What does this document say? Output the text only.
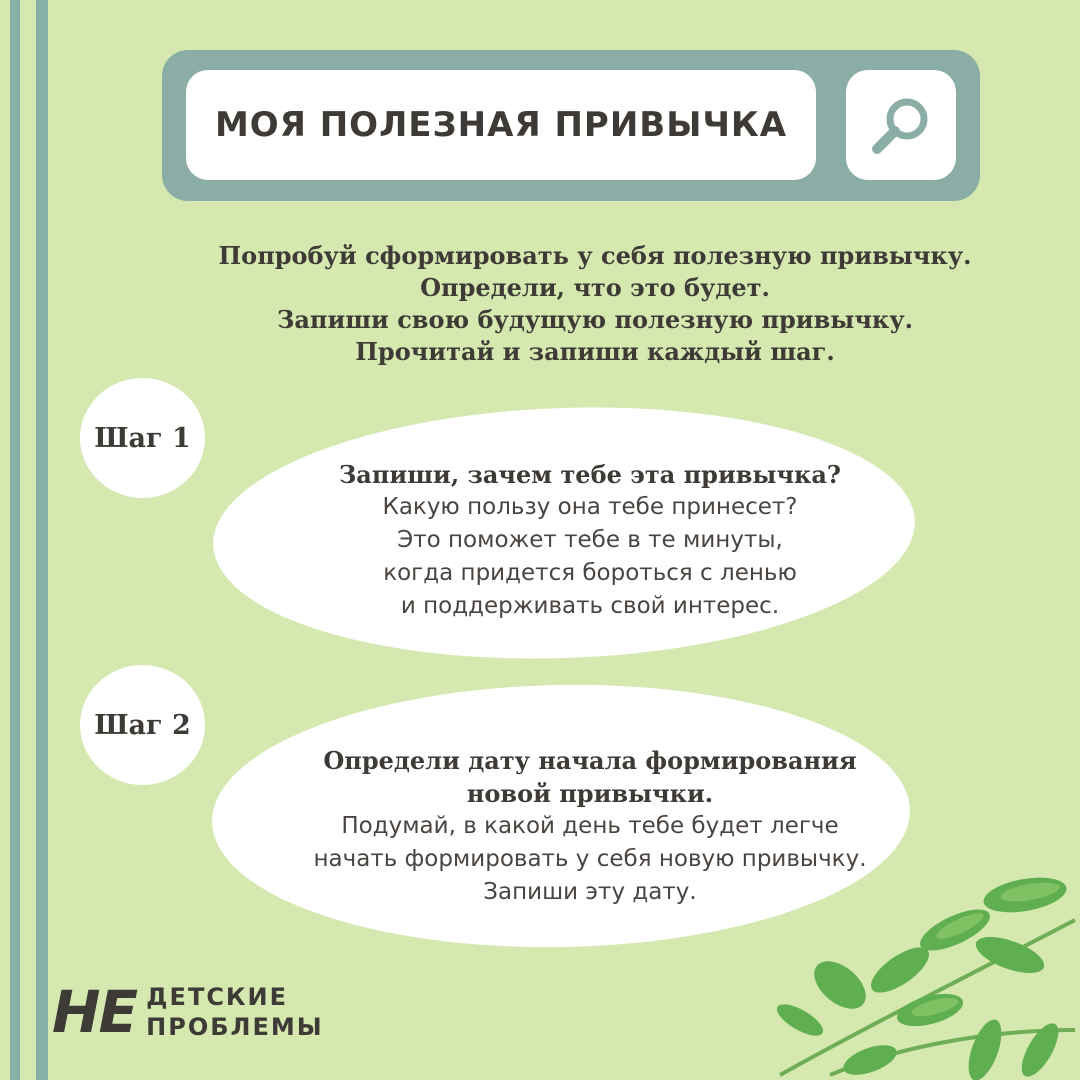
МОЯ ПОЛЕЗНАЯ ПРИВЫЧКА
Попробуй сформировать у себя полезную привычку.
Определи, что это будет.
Запиши свою будущую полезную привычку.
Прочитай и запиши каждый шаг.
Шаг 1
Запиши, зачем тебе эта привычка?
Какую пользу она тебе принесет?
Это поможет тебе в те минуты,
когда придется бороться с ленью
и поддерживать свой интерес.
Шаг 2
Определи дату начала формирования
новой привычки.
Подумай, в какой день тебе будет легче
начать формировать у себя новую привычку.
Запиши эту дату.
НЕ ДЕТСКИЕ
ПРОБЛЕМЫ
